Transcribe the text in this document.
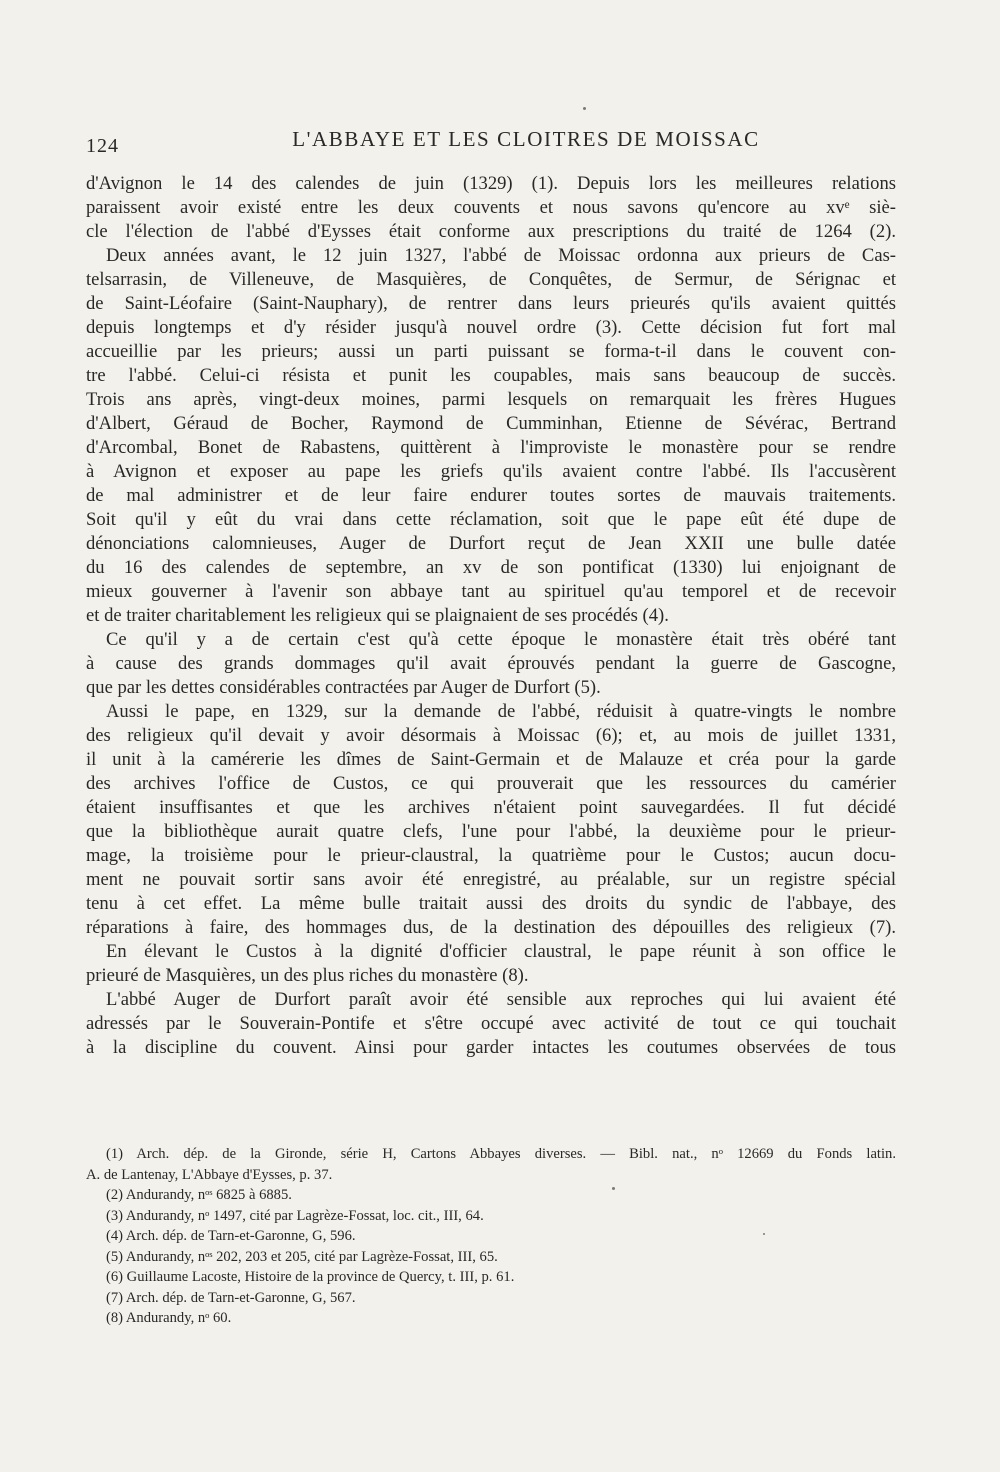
124	L'ABBAYE ET LES CLOITRES DE MOISSAC
d'Avignon le 14 des calendes de juin (1329) (1). Depuis lors les meilleures relations
paraissent avoir existé entre les deux couvents et nous savons qu'encore au xvᵉ siè-
cle l'élection de l'abbé d'Eysses était conforme aux prescriptions du traité de 1264 (2).
Deux années avant, le 12 juin 1327, l'abbé de Moissac ordonna aux prieurs de Cas-
telsarrasin, de Villeneuve, de Masquières, de Conquêtes, de Sermur, de Sérignac et
de Saint-Léofaire (Saint-Nauphary), de rentrer dans leurs prieurés qu'ils avaient quittés
depuis longtemps et d'y résider jusqu'à nouvel ordre (3). Cette décision fut fort mal
accueillie par les prieurs; aussi un parti puissant se forma-t-il dans le couvent con-
tre l'abbé. Celui-ci résista et punit les coupables, mais sans beaucoup de succès.
Trois ans après, vingt-deux moines, parmi lesquels on remarquait les frères Hugues
d'Albert, Géraud de Bocher, Raymond de Cumminhan, Etienne de Sévérac, Bertrand
d'Arcombal, Bonet de Rabastens, quittèrent à l'improviste le monastère pour se rendre
à Avignon et exposer au pape les griefs qu'ils avaient contre l'abbé. Ils l'accusèrent
de mal administrer et de leur faire endurer toutes sortes de mauvais traitements.
Soit qu'il y eût du vrai dans cette réclamation, soit que le pape eût été dupe de
dénonciations calomnieuses, Auger de Durfort reçut de Jean XXII une bulle datée
du 16 des calendes de septembre, an xv de son pontificat (1330) lui enjoignant de
mieux gouverner à l'avenir son abbaye tant au spirituel qu'au temporel et de recevoir
et de traiter charitablement les religieux qui se plaignaient de ses procédés (4).
Ce qu'il y a de certain c'est qu'à cette époque le monastère était très obéré tant
à cause des grands dommages qu'il avait éprouvés pendant la guerre de Gascogne,
que par les dettes considérables contractées par Auger de Durfort (5).
Aussi le pape, en 1329, sur la demande de l'abbé, réduisit à quatre-vingts le nombre
des religieux qu'il devait y avoir désormais à Moissac (6); et, au mois de juillet 1331,
il unit à la camérerie les dîmes de Saint-Germain et de Malauze et créa pour la garde
des archives l'office de Custos, ce qui prouverait que les ressources du camérier
étaient insuffisantes et que les archives n'étaient point sauvegardées. Il fut décidé
que la bibliothèque aurait quatre clefs, l'une pour l'abbé, la deuxième pour le prieur-
mage, la troisième pour le prieur-claustral, la quatrième pour le Custos; aucun docu-
ment ne pouvait sortir sans avoir été enregistré, au préalable, sur un registre spécial
tenu à cet effet. La même bulle traitait aussi des droits du syndic de l'abbaye, des
réparations à faire, des hommages dus, de la destination des dépouilles des religieux (7).
En élevant le Custos à la dignité d'officier claustral, le pape réunit à son office le
prieuré de Masquières, un des plus riches du monastère (8).
L'abbé Auger de Durfort paraît avoir été sensible aux reproches qui lui avaient été
adressés par le Souverain-Pontife et s'être occupé avec activité de tout ce qui touchait
à la discipline du couvent. Ainsi pour garder intactes les coutumes observées de tous
(1) Arch. dép. de la Gironde, série H, Cartons Abbayes diverses. — Bibl. nat., nᵒ 12669 du Fonds latin.
A. de Lantenay, L'Abbaye d'Eysses, p. 37.
(2) Andurandy, nᵒˢ 6825 à 6885.
(3) Andurandy, nᵒ 1497, cité par Lagrèze-Fossat, loc. cit., III, 64.
(4) Arch. dép. de Tarn-et-Garonne, G, 596.
(5) Andurandy, nᵒˢ 202, 203 et 205, cité par Lagrèze-Fossat, III, 65.
(6) Guillaume Lacoste, Histoire de la province de Quercy, t. III, p. 61.
(7) Arch. dép. de Tarn-et-Garonne, G, 567.
(8) Andurandy, nᵒ 60.
